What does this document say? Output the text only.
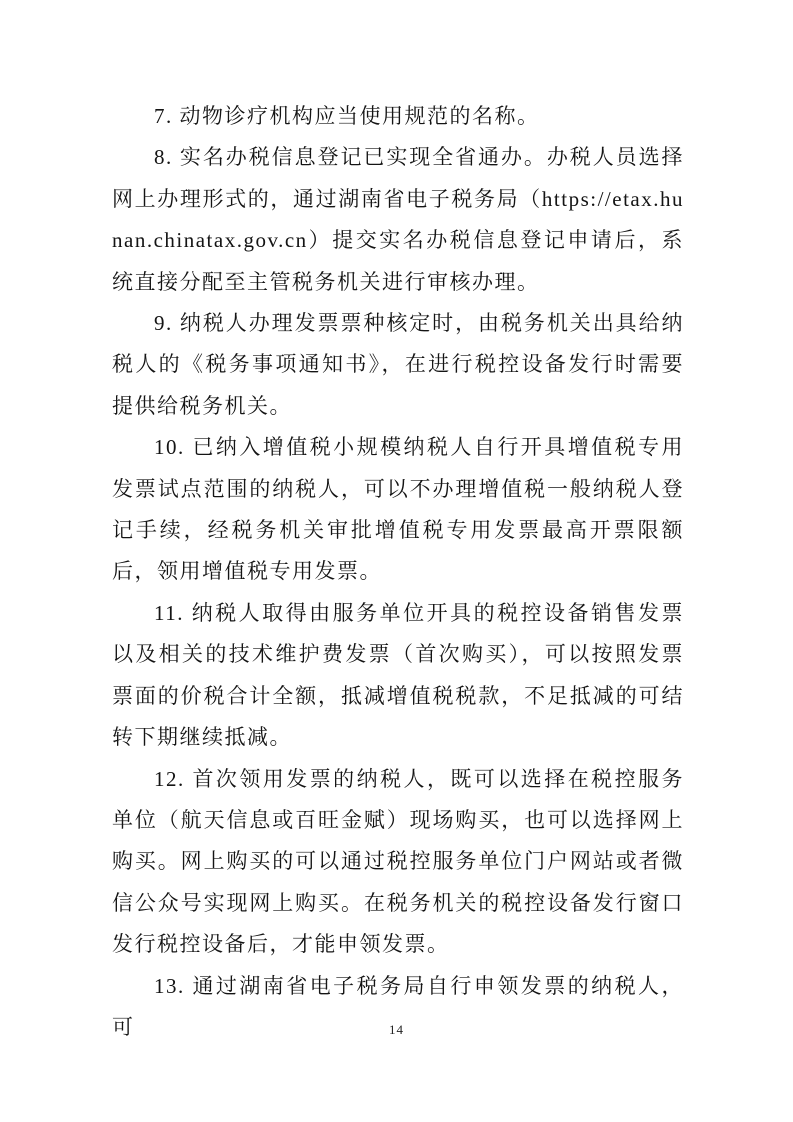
7. 动物诊疗机构应当使用规范的名称。

8. 实名办税信息登记已实现全省通办。办税人员选择网上办理形式的，通过湖南省电子税务局（https://etax.hunan.chinatax.gov.cn）提交实名办税信息登记申请后，系统直接分配至主管税务机关进行审核办理。

9. 纳税人办理发票票种核定时，由税务机关出具给纳税人的《税务事项通知书》，在进行税控设备发行时需要提供给税务机关。

10. 已纳入增值税小规模纳税人自行开具增值税专用发票试点范围的纳税人，可以不办理增值税一般纳税人登记手续，经税务机关审批增值税专用发票最高开票限额后，领用增值税专用发票。

11. 纳税人取得由服务单位开具的税控设备销售发票以及相关的技术维护费发票（首次购买），可以按照发票票面的价税合计全额，抵减增值税税款，不足抵减的可结转下期继续抵减。

12. 首次领用发票的纳税人，既可以选择在税控服务单位（航天信息或百旺金赋）现场购买，也可以选择网上购买。网上购买的可以通过税控服务单位门户网站或者微信公众号实现网上购买。在税务机关的税控设备发行窗口发行税控设备后，才能申领发票。

13. 通过湖南省电子税务局自行申领发票的纳税人，可	14
